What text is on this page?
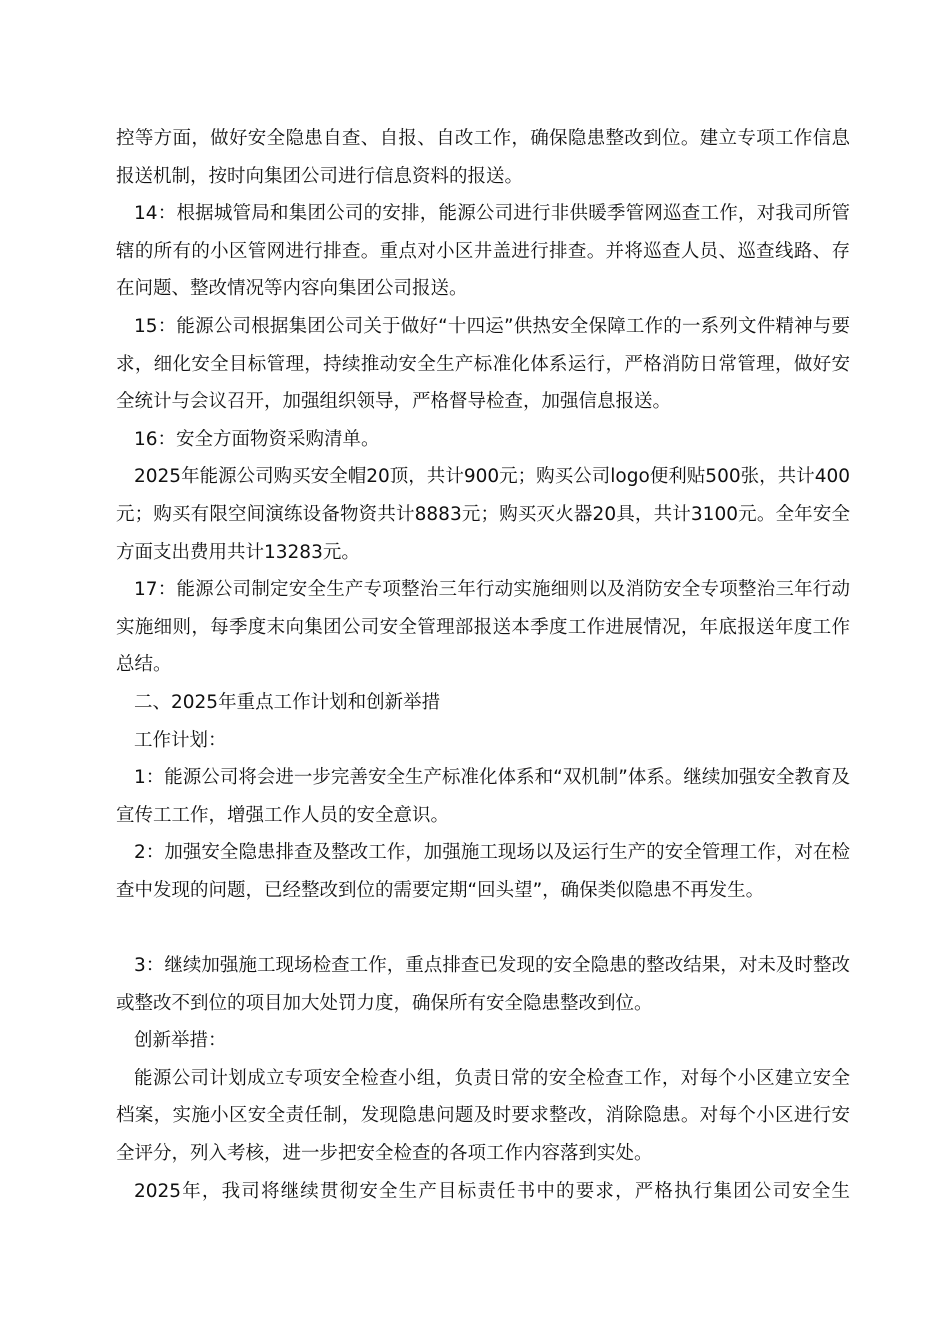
控等方面，做好安全隐患自查、自报、自改工作，确保隐患整改到位。建立专项工作信息报送机制，按时向集团公司进行信息资料的报送。

14：根据城管局和集团公司的安排，能源公司进行非供暖季管网巡查工作，对我司所管辖的所有的小区管网进行排查。重点对小区井盖进行排查。并将巡查人员、巡查线路、存在问题、整改情况等内容向集团公司报送。

15：能源公司根据集团公司关于做好“十四运”供热安全保障工作的一系列文件精神与要求，细化安全目标管理，持续推动安全生产标准化体系运行，严格消防日常管理，做好安全统计与会议召开，加强组织领导，严格督导检查，加强信息报送。

16：安全方面物资采购清单。

2025年能源公司购买安全帽20顶，共计900元；购买公司logo便利贴500张，共计400元；购买有限空间演练设备物资共计8883元；购买灭火器20具，共计3100元。全年安全方面支出费用共计13283元。

17：能源公司制定安全生产专项整治三年行动实施细则以及消防安全专项整治三年行动实施细则，每季度末向集团公司安全管理部报送本季度工作进展情况，年底报送年度工作总结。

二、2025年重点工作计划和创新举措

工作计划：

1：能源公司将会进一步完善安全生产标准化体系和“双机制”体系。继续加强安全教育及宣传工工作，增强工作人员的安全意识。

2：加强安全隐患排查及整改工作，加强施工现场以及运行生产的安全管理工作，对在检查中发现的问题，已经整改到位的需要定期“回头望”，确保类似隐患不再发生。

3：继续加强施工现场检查工作，重点排查已发现的安全隐患的整改结果，对未及时整改或整改不到位的项目加大处罚力度，确保所有安全隐患整改到位。

创新举措：

能源公司计划成立专项安全检查小组，负责日常的安全检查工作，对每个小区建立安全档案，实施小区安全责任制，发现隐患问题及时要求整改，消除隐患。对每个小区进行安全评分，列入考核，进一步把安全检查的各项工作内容落到实处。

2025年，我司将继续贯彻安全生产目标责任书中的要求，严格执行集团公司安全生
